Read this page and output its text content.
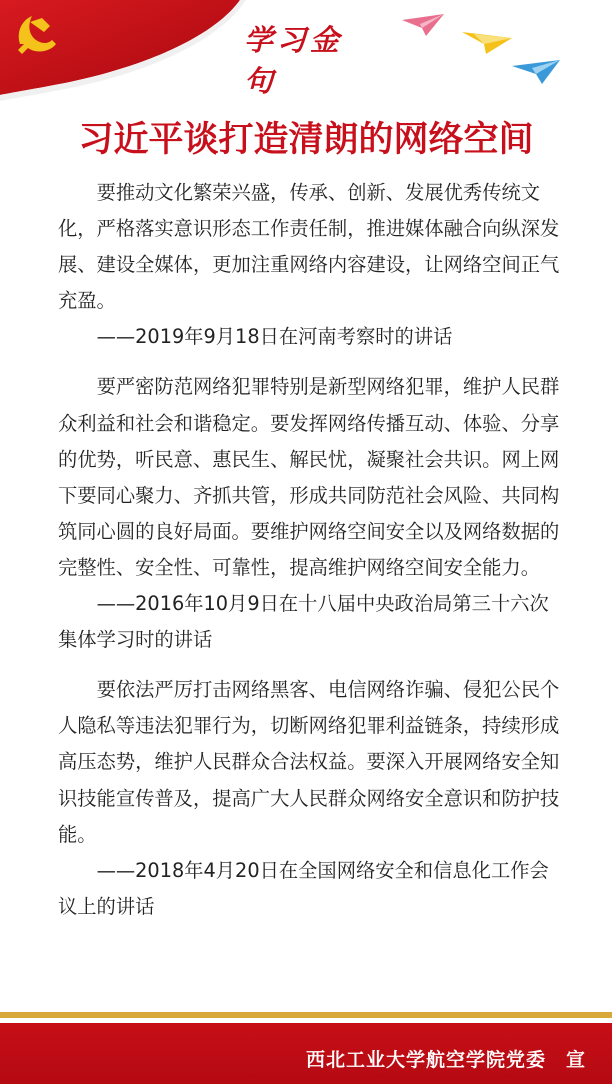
学习金句
习近平谈打造清朗的网络空间

要推动文化繁荣兴盛，传承、创新、发展优秀传统文化，严格落实意识形态工作责任制，推进媒体融合向纵深发展、建设全媒体，更加注重网络内容建设，让网络空间正气充盈。

——2019年9月18日在河南考察时的讲话

要严密防范网络犯罪特别是新型网络犯罪，维护人民群众利益和社会和谐稳定。要发挥网络传播互动、体验、分享的优势，听民意、惠民生、解民忧，凝聚社会共识。网上网下要同心聚力、齐抓共管，形成共同防范社会风险、共同构筑同心圆的良好局面。要维护网络空间安全以及网络数据的完整性、安全性、可靠性，提高维护网络空间安全能力。

——2016年10月9日在十八届中央政治局第三十六次集体学习时的讲话

要依法严厉打击网络黑客、电信网络诈骗、侵犯公民个人隐私等违法犯罪行为，切断网络犯罪利益链条，持续形成高压态势，维护人民群众合法权益。要深入开展网络安全知识技能宣传普及，提高广大人民群众网络安全意识和防护技能。

——2018年4月20日在全国网络安全和信息化工作会议上的讲话

西北工业大学航空学院党委　宣
